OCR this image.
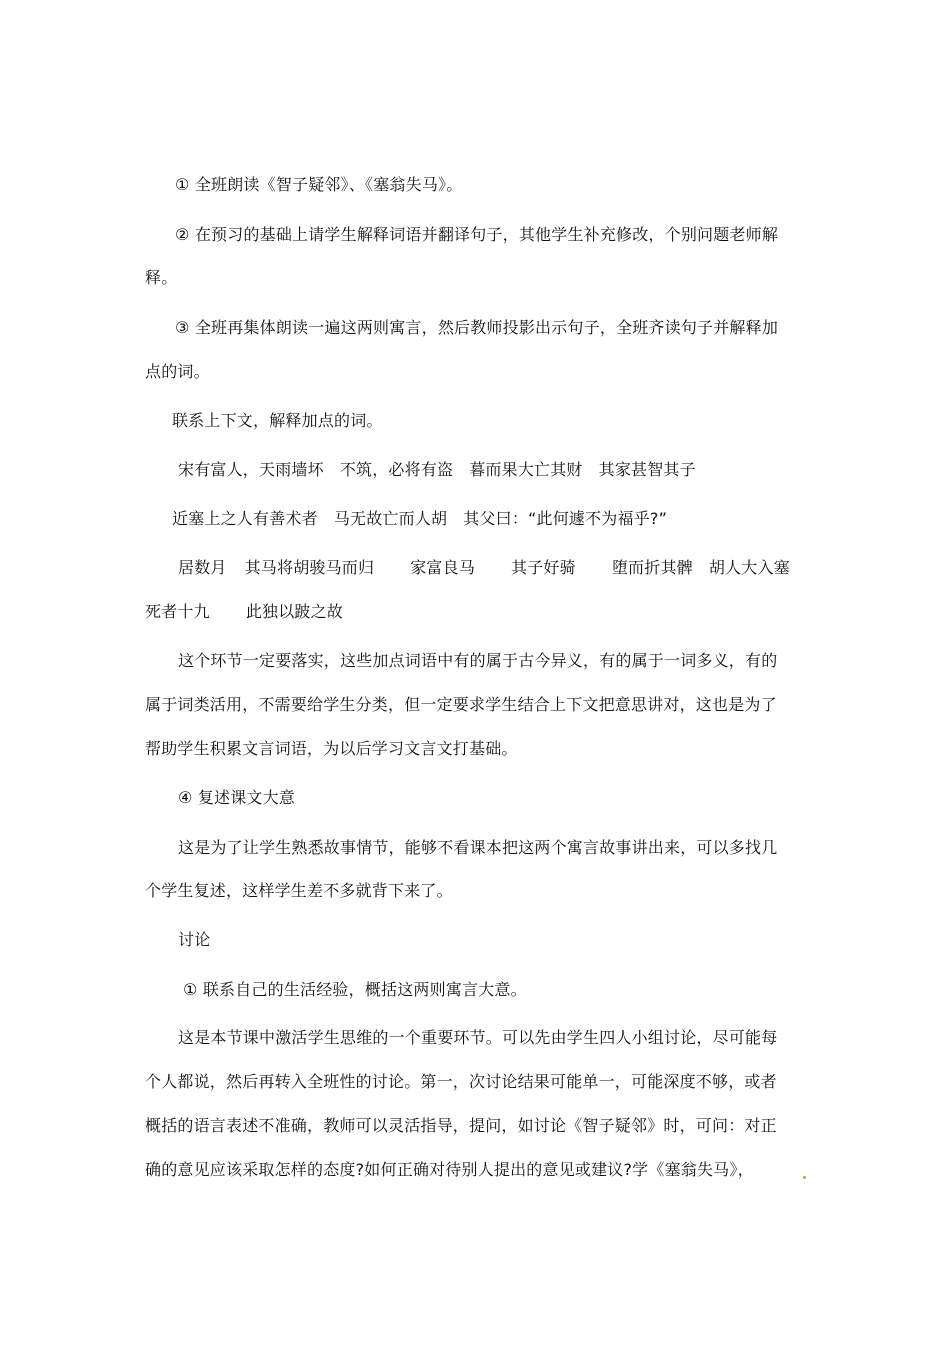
① 全班朗读《智子疑邻》、《塞翁失马》。
② 在预习的基础上请学生解释词语并翻译句子，其他学生补充修改，个别问题老师解
释。
③ 全班再集体朗读一遍这两则寓言，然后教师投影出示句子，全班齐读句子并解释加
点的词。
联系上下文，解释加点的词。
宋有富人，天雨墙坏 不筑，必将有盗 暮而果大亡其财 其家甚智其子
近塞上之人有善术者 马无故亡而人胡 其父曰：“此何遽不为福乎?”
居数月 其马将胡骏马而归 家富良马 其子好骑 堕而折其髀 胡人大入塞
死者十九 此独以跛之故
这个环节一定要落实，这些加点词语中有的属于古今异义，有的属于一词多义，有的
属于词类活用，不需要给学生分类，但一定要求学生结合上下文把意思讲对，这也是为了
帮助学生积累文言词语，为以后学习文言文打基础。
④ 复述课文大意
这是为了让学生熟悉故事情节，能够不看课本把这两个寓言故事讲出来，可以多找几
个学生复述，这样学生差不多就背下来了。
讨论
① 联系自己的生活经验，概括这两则寓言大意。
这是本节课中激活学生思维的一个重要环节。可以先由学生四人小组讨论，尽可能每
个人都说，然后再转入全班性的讨论。第一，次讨论结果可能单一，可能深度不够，或者
概括的语言表述不准确，教师可以灵活指导，提问，如讨论《智子疑邻》时，可问：对正
确的意见应该采取怎样的态度?如何正确对待别人提出的意见或建议?学《塞翁失马》，
